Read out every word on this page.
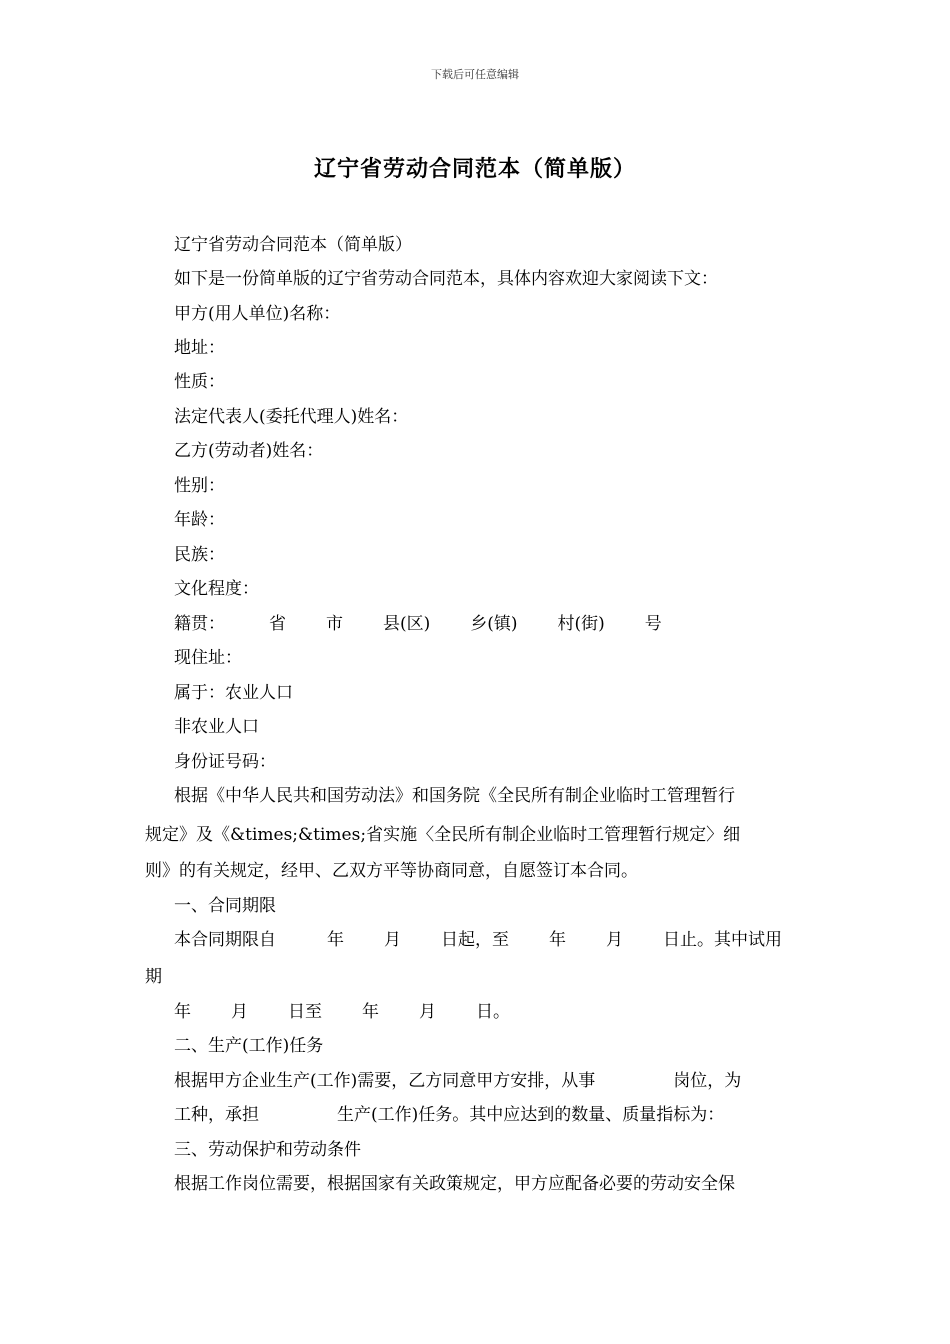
下载后可任意编辑
辽宁省劳动合同范本（简单版）
辽宁省劳动合同范本（简单版）
如下是一份简单版的辽宁省劳动合同范本，具体内容欢迎大家阅读下文：
甲方(用人单位)名称：
地址：
性质：
法定代表人(委托代理人)姓名：
乙方(劳动者)姓名：
性别：
年龄：
民族：
文化程度：
籍贯：	省 市 县(区) 乡(镇) 村(街) 号
现住址：
属于：农业人口
非农业人口
身份证号码：
根据《中华人民共和国劳动法》和国务院《全民所有制企业临时工管理暂行
规定》及《&times;&times;省实施〈全民所有制企业临时工管理暂行规定〉细
则》的有关规定，经甲、乙双方平等协商同意，自愿签订本合同。
一、合同期限
本合同期限自	年 月 日起，至 年 月 日止。其中试用
期
年 月 日至 年 月 日。
二、生产(工作)任务
根据甲方企业生产(工作)需要，乙方同意甲方安排，从事	岗位，为
工种，承担	生产(工作)任务。其中应达到的数量、质量指标为：
三、劳动保护和劳动条件
根据工作岗位需要，根据国家有关政策规定，甲方应配备必要的劳动安全保
